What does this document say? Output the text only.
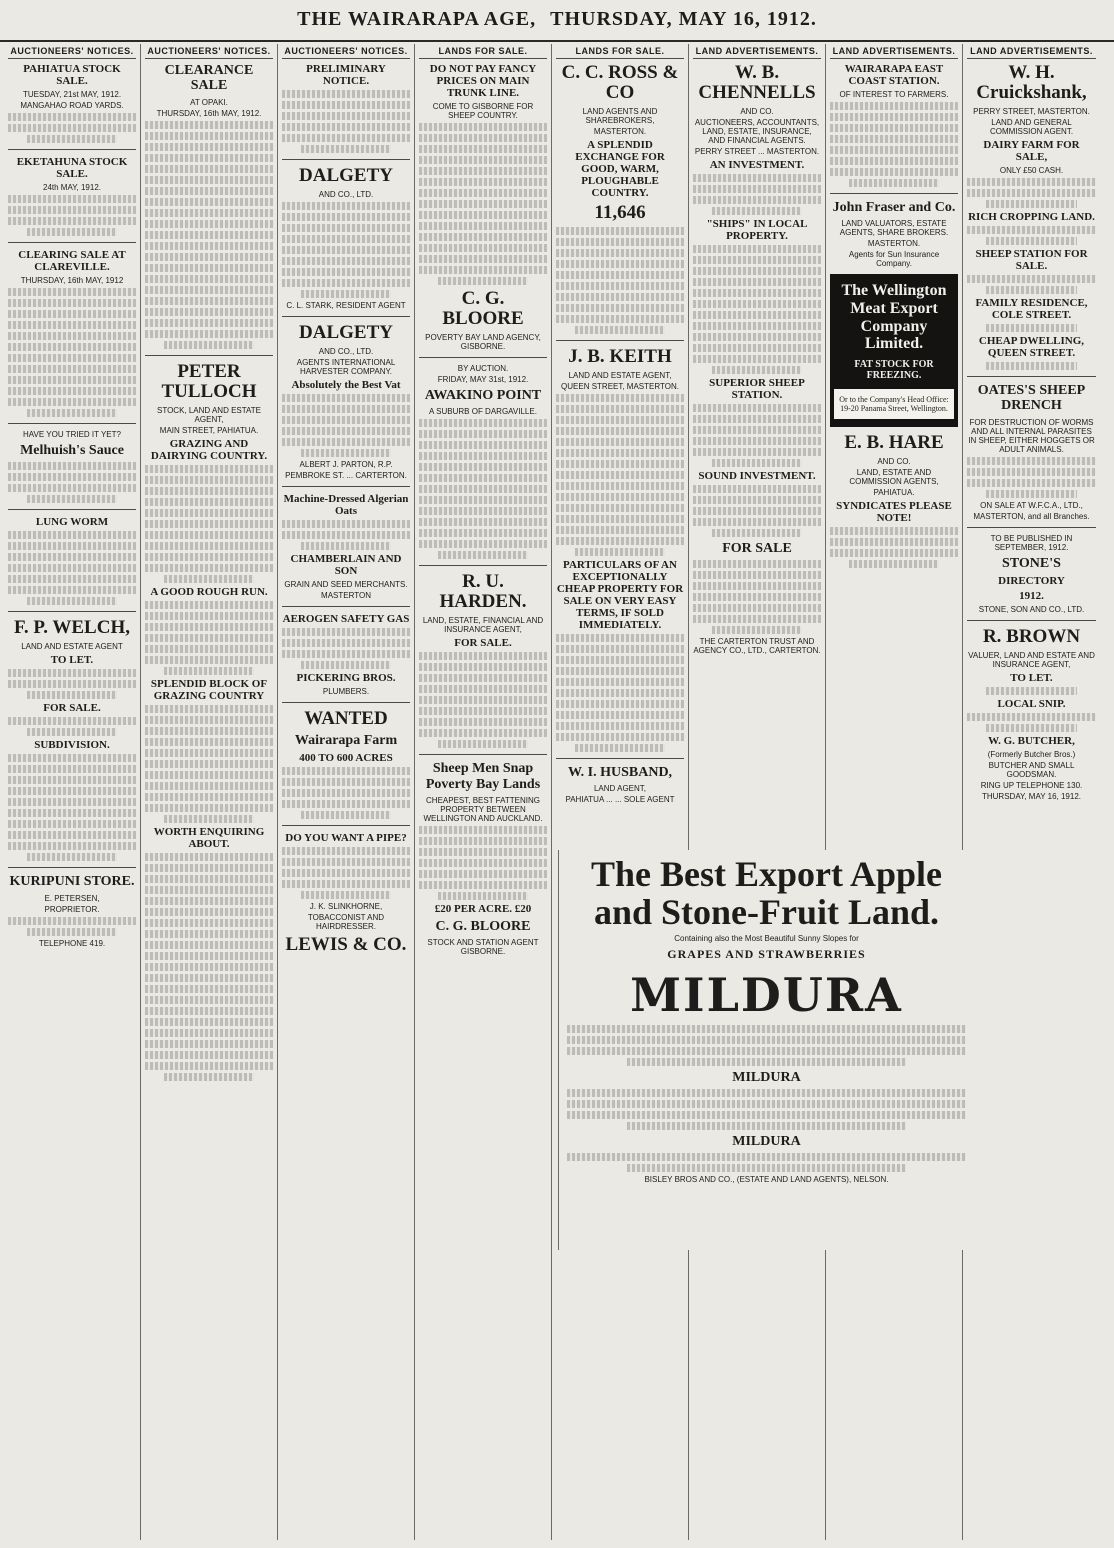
THE WAIRARAPA AGE, THURSDAY, MAY 16, 1912.
AUCTIONEERS' NOTICES.
PAHIATUA STOCK SALE.
TUESDAY, 21st MAY, 1912.
MANGAHAO ROAD YARDS.
EKETAHUNA STOCK SALE.
24th MAY, 1912.
CLEARING SALE AT CLAREVILLE.
THURSDAY, 16th MAY, 1912
HAVE YOU TRIED IT YET?
Melhuish's Sauce
LUNG WORM
F. P. WELCH,
LAND AND ESTATE AGENT
TO LET.
FOR SALE.
SUBDIVISION.
KURIPUNI STORE.
E. PETERSEN,
PROPRIETOR.
TELEPHONE 419.
AUCTIONEERS' NOTICES.
CLEARANCE SALE
AT OPAKI.
THURSDAY, 16th MAY, 1912.
PETER TULLOCH
STOCK, LAND AND ESTATE AGENT,
MAIN STREET, PAHIATUA.
GRAZING AND DAIRYING COUNTRY.
A GOOD ROUGH RUN.
SPLENDID BLOCK OF GRAZING COUNTRY
WORTH ENQUIRING ABOUT.
AUCTIONEERS' NOTICES.
PRELIMINARY NOTICE.
DALGETY
AND CO., LTD.
C. L. STARK, RESIDENT AGENT
DALGETY
AND CO., LTD.
AGENTS INTERNATIONAL HARVESTER COMPANY.
Absolutely the Best Vat
ALBERT J. PARTON, R.P.
PEMBROKE ST. ... CARTERTON.
Machine-Dressed Algerian Oats
CHAMBERLAIN AND SON
GRAIN AND SEED MERCHANTS.
MASTERTON
AEROGEN SAFETY GAS
PICKERING BROS.
PLUMBERS.
WANTED
Wairarapa Farm
400 TO 600 ACRES
DO YOU WANT A PIPE?
J. K. SLINKHORNE,
TOBACCONIST AND HAIRDRESSER.
LEWIS & CO.
LANDS FOR SALE.
DO NOT PAY FANCY PRICES ON MAIN TRUNK LINE.
COME TO GISBORNE FOR SHEEP COUNTRY.
C. G. BLOORE
POVERTY BAY LAND AGENCY, GISBORNE.
BY AUCTION.
FRIDAY, MAY 31st, 1912.
AWAKINO POINT
A SUBURB OF DARGAVILLE.
R. U. HARDEN.
LAND, ESTATE, FINANCIAL AND INSURANCE AGENT,
FOR SALE.
Sheep Men Snap Poverty Bay Lands
CHEAPEST, BEST FATTENING PROPERTY BETWEEN WELLINGTON AND AUCKLAND.
£20 PER ACRE. £20
C. G. BLOORE
STOCK AND STATION AGENT GISBORNE.
LANDS FOR SALE.
C. C. ROSS & CO
LAND AGENTS AND SHAREBROKERS,
MASTERTON.
A SPLENDID EXCHANGE FOR GOOD, WARM, PLOUGHABLE COUNTRY.
11,646
J. B. KEITH
LAND AND ESTATE AGENT,
QUEEN STREET, MASTERTON.
PARTICULARS OF AN EXCEPTIONALLY CHEAP PROPERTY FOR SALE ON VERY EASY TERMS, IF SOLD IMMEDIATELY.
W. I. HUSBAND,
LAND AGENT,
PAHIATUA ... ... SOLE AGENT
LAND ADVERTISEMENTS.
W. B. CHENNELLS
AND CO.
AUCTIONEERS, ACCOUNTANTS, LAND, ESTATE, INSURANCE, AND FINANCIAL AGENTS.
PERRY STREET ... MASTERTON.
AN INVESTMENT.
"SHIPS" IN LOCAL PROPERTY.
SUPERIOR SHEEP STATION.
SOUND INVESTMENT.
FOR SALE
THE CARTERTON TRUST AND AGENCY CO., LTD., CARTERTON.
LAND ADVERTISEMENTS.
WAIRARAPA EAST COAST STATION.
OF INTEREST TO FARMERS.
John Fraser and Co.
LAND VALUATORS, ESTATE AGENTS, SHARE BROKERS.
MASTERTON.
Agents for Sun Insurance Company.
The Wellington Meat Export Company Limited.
FAT STOCK FOR FREEZING.
Or to the Company's Head Office: 19-20 Panama Street, Wellington.
E. B. HARE
AND CO.
LAND, ESTATE AND COMMISSION AGENTS,
PAHIATUA.
SYNDICATES PLEASE NOTE!
LAND ADVERTISEMENTS.
W. H. Cruickshank,
PERRY STREET, MASTERTON.
LAND AND GENERAL COMMISSION AGENT.
DAIRY FARM FOR SALE,
ONLY £50 CASH.
RICH CROPPING LAND.
SHEEP STATION FOR SALE.
FAMILY RESIDENCE, COLE STREET.
CHEAP DWELLING, QUEEN STREET.
OATES'S SHEEP DRENCH
FOR DESTRUCTION OF WORMS AND ALL INTERNAL PARASITES IN SHEEP, EITHER HOGGETS OR ADULT ANIMALS.
ON SALE AT W.F.C.A., LTD.,
MASTERTON, and all Branches.
TO BE PUBLISHED IN SEPTEMBER, 1912.
STONE'S
DIRECTORY
1912.
STONE, SON AND CO., LTD.
R. BROWN
VALUER, LAND AND ESTATE AND INSURANCE AGENT,
TO LET.
LOCAL SNIP.
W. G. BUTCHER,
(Formerly Butcher Bros.)
BUTCHER AND SMALL GOODSMAN.
RING UP TELEPHONE 130.
THURSDAY, MAY 16, 1912.
The Best Export Apple and Stone-Fruit Land.
Containing also the Most Beautiful Sunny Slopes for
GRAPES AND STRAWBERRIES
MILDURA
MILDURA
MILDURA
BISLEY BROS AND CO., (ESTATE AND LAND AGENTS), NELSON.
